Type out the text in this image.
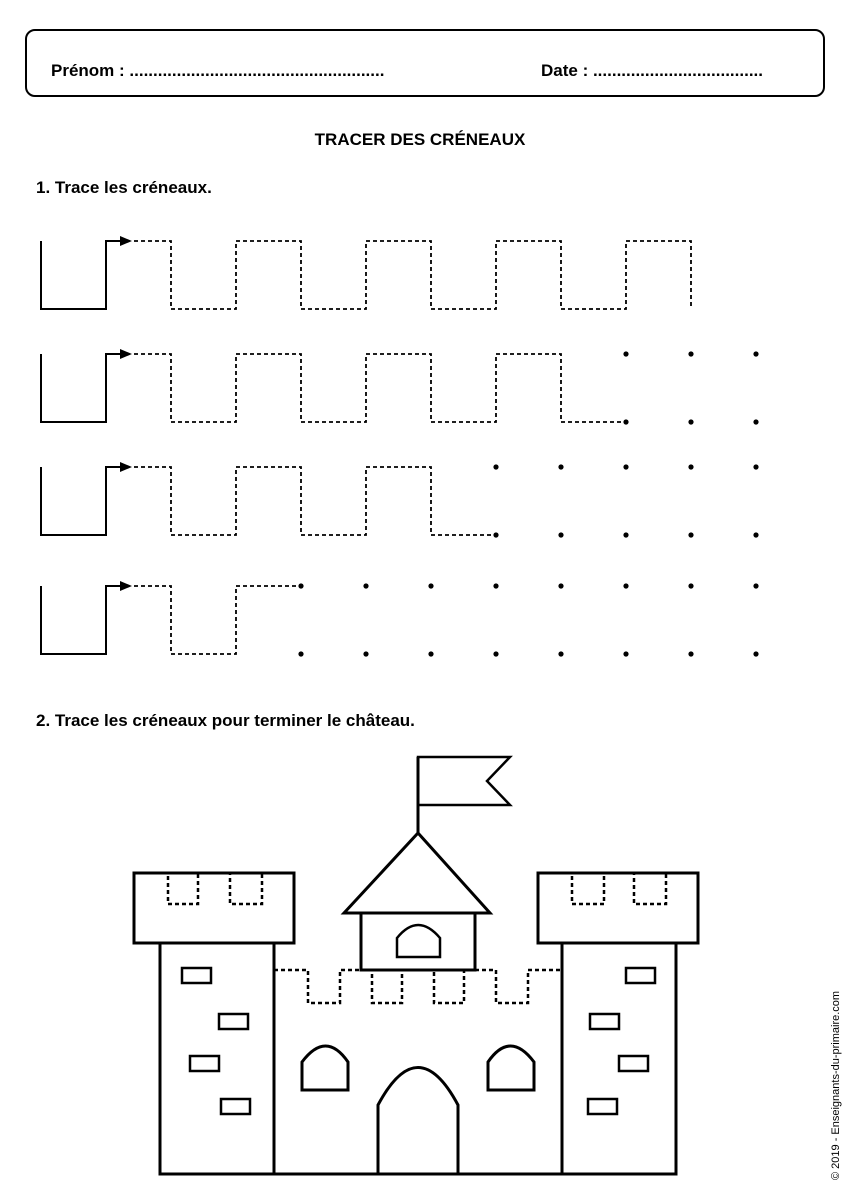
Prénom : ......................................................	Date : ....................................
TRACER DES CRÉNEAUX
1. Trace les créneaux.
2. Trace les créneaux pour terminer le château.
© 2019 - Enseignants-du-primaire.com
